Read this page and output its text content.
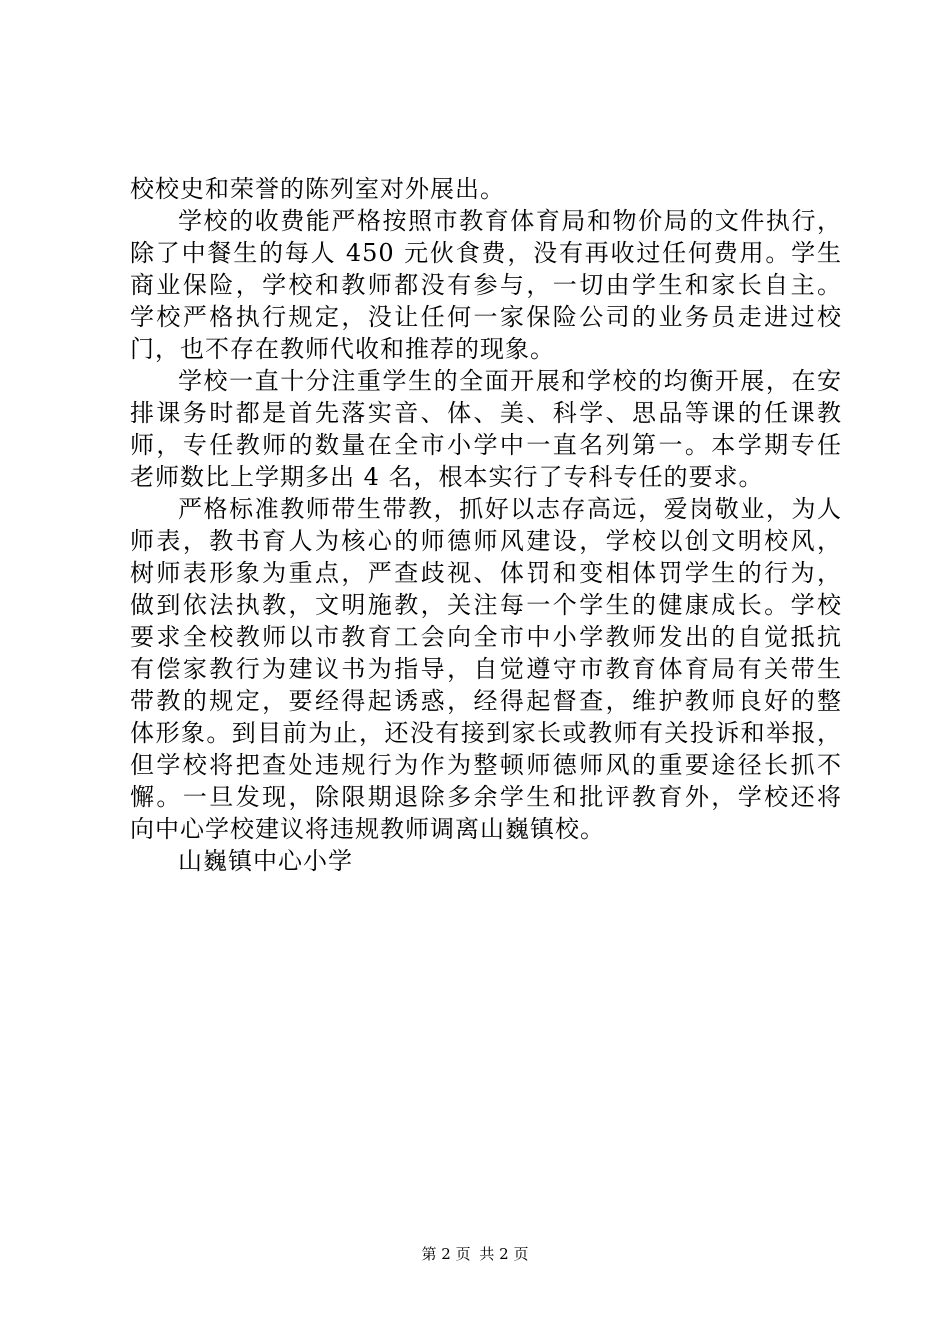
校校史和荣誉的陈列室对外展出。

学校的收费能严格按照市教育体育局和物价局的文件执行，

除了中餐生的每人 450 元伙食费，没有再收过任何费用。学生

商业保险，学校和教师都没有参与，一切由学生和家长自主。

学校严格执行规定，没让任何一家保险公司的业务员走进过校

门，也不存在教师代收和推荐的现象。

学校一直十分注重学生的全面开展和学校的均衡开展，在安

排课务时都是首先落实音、体、美、科学、思品等课的任课教

师，专任教师的数量在全市小学中一直名列第一。本学期专任

老师数比上学期多出 4 名，根本实行了专科专任的要求。

严格标准教师带生带教，抓好以志存高远，爱岗敬业，为人

师表，教书育人为核心的师德师风建设，学校以创文明校风，

树师表形象为重点，严查歧视、体罚和变相体罚学生的行为，

做到依法执教，文明施教，关注每一个学生的健康成长。学校

要求全校教师以市教育工会向全市中小学教师发出的自觉抵抗

有偿家教行为建议书为指导，自觉遵守市教育体育局有关带生

带教的规定，要经得起诱惑，经得起督查，维护教师良好的整

体形象。到目前为止，还没有接到家长或教师有关投诉和举报，

但学校将把查处违规行为作为整顿师德师风的重要途径长抓不

懈。一旦发现，除限期退除多余学生和批评教育外，学校还将

向中心学校建议将违规教师调离山巍镇校。

山巍镇中心小学

第 2 页 共 2 页
